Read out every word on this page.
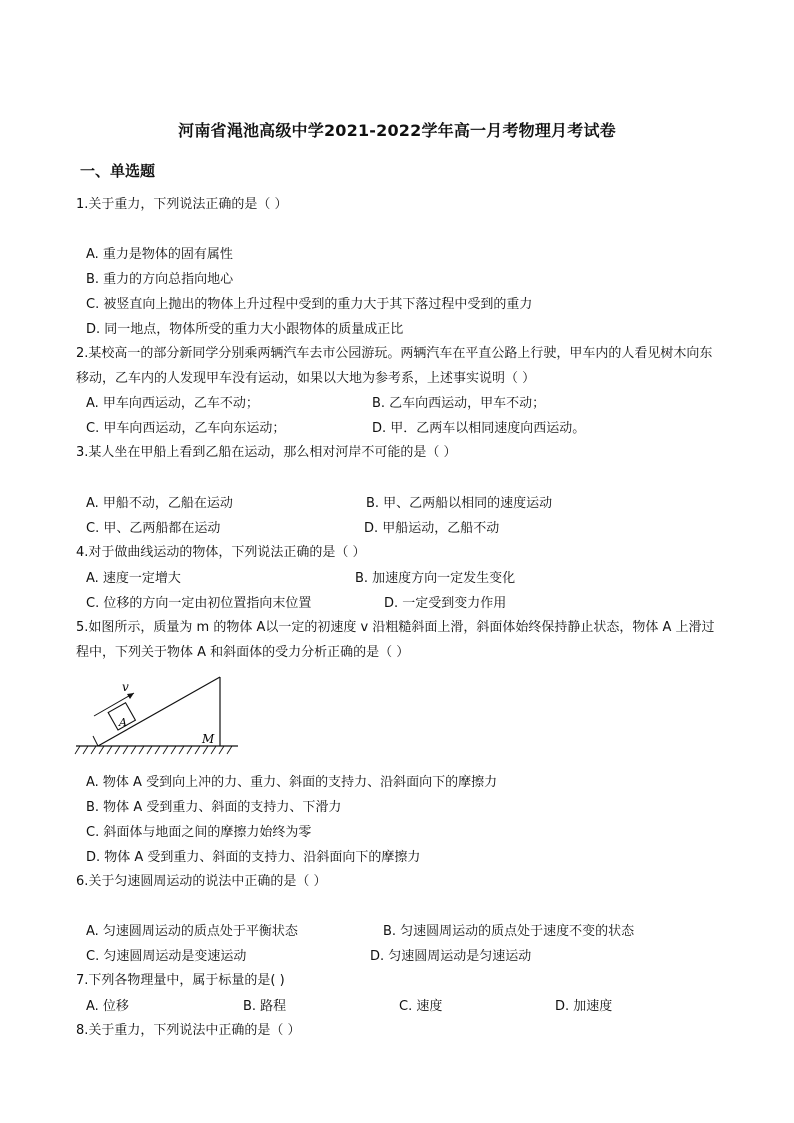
河南省渑池高级中学2021-2022学年高一月考物理月考试卷
一、单选题
1.关于重力，下列说法正确的是（ ）
A. 重力是物体的固有属性
B. 重力的方向总指向地心
C. 被竖直向上抛出的物体上升过程中受到的重力大于其下落过程中受到的重力
D. 同一地点，物体所受的重力大小跟物体的质量成正比
2.某校高一的部分新同学分别乘两辆汽车去市公园游玩。两辆汽车在平直公路上行驶，甲车内的人看见树木向东移动，乙车内的人发现甲车没有运动，如果以大地为参考系，上述事实说明（ ）
A. 甲车向西运动，乙车不动；	B. 乙车向西运动，甲车不动；
C. 甲车向西运动，乙车向东运动；	D. 甲．乙两车以相同速度向西运动。
3.某人坐在甲船上看到乙船在运动，那么相对河岸不可能的是（ ）
A. 甲船不动，乙船在运动	B. 甲、乙两船以相同的速度运动
C. 甲、乙两船都在运动	D. 甲船运动，乙船不动
4.对于做曲线运动的物体，下列说法正确的是（ ）
A. 速度一定增大	B. 加速度方向一定发生变化
C. 位移的方向一定由初位置指向末位置	D. 一定受到变力作用
5.如图所示，质量为 m 的物体 A以一定的初速度 v 沿粗糙斜面上滑，斜面体始终保持静止状态，物体 A 上滑过程中，下列关于物体 A 和斜面体的受力分析正确的是（ ）
A
v
M
A. 物体 A 受到向上冲的力、重力、斜面的支持力、沿斜面向下的摩擦力
B. 物体 A 受到重力、斜面的支持力、下滑力
C. 斜面体与地面之间的摩擦力始终为零
D. 物体 A 受到重力、斜面的支持力、沿斜面向下的摩擦力
6.关于匀速圆周运动的说法中正确的是（ ）
A. 匀速圆周运动的质点处于平衡状态	B. 匀速圆周运动的质点处于速度不变的状态
C. 匀速圆周运动是变速运动	D. 匀速圆周运动是匀速运动
7.下列各物理量中，属于标量的是( )
A. 位移	B. 路程	C. 速度	D. 加速度
8.关于重力，下列说法中正确的是（ ）
